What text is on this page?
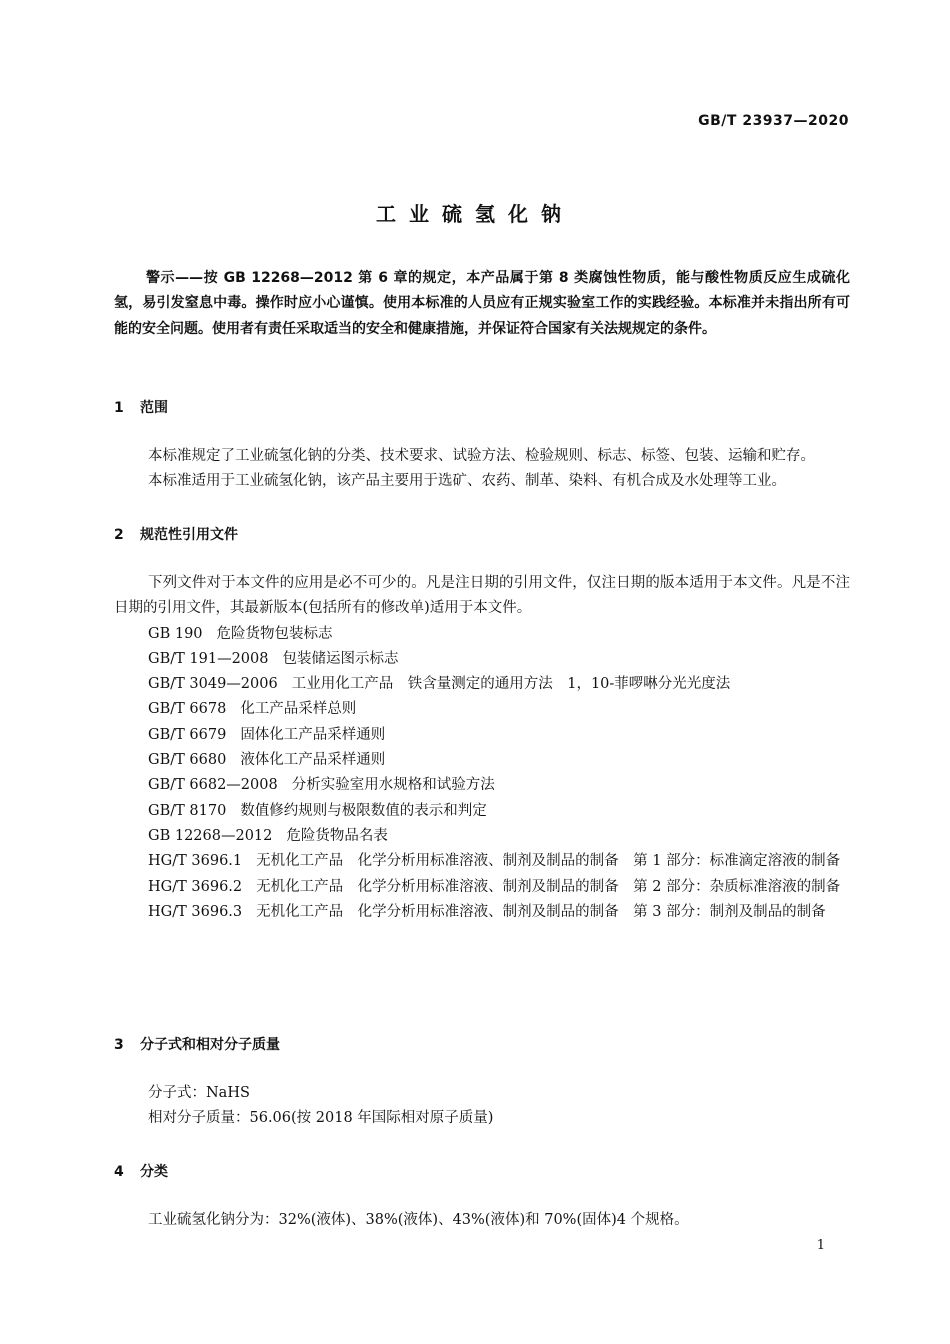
GB/T 23937—2020
工业硫氢化钠

警示——按 GB 12268—2012 第 6 章的规定，本产品属于第 8 类腐蚀性物质，能与酸性物质反应生成硫化氢，易引发窒息中毒。操作时应小心谨慎。使用本标准的人员应有正规实验室工作的实践经验。本标准并未指出所有可能的安全问题。使用者有责任采取适当的安全和健康措施，并保证符合国家有关法规规定的条件。

1 范围

本标准规定了工业硫氢化钠的分类、技术要求、试验方法、检验规则、标志、标签、包装、运输和贮存。

本标准适用于工业硫氢化钠，该产品主要用于选矿、农药、制革、染料、有机合成及水处理等工业。

2 规范性引用文件

下列文件对于本文件的应用是必不可少的。凡是注日期的引用文件，仅注日期的版本适用于本文件。凡是不注日期的引用文件，其最新版本(包括所有的修改单)适用于本文件。

GB 190 危险货物包装标志

GB/T 191—2008 包装储运图示标志

GB/T 3049—2006 工业用化工产品　铁含量测定的通用方法　1，10-菲啰啉分光光度法

GB/T 6678 化工产品采样总则

GB/T 6679 固体化工产品采样通则

GB/T 6680 液体化工产品采样通则

GB/T 6682—2008 分析实验室用水规格和试验方法

GB/T 8170 数值修约规则与极限数值的表示和判定

GB 12268—2012 危险货物品名表

HG/T 3696.1 无机化工产品　化学分析用标准溶液、制剂及制品的制备　第 1 部分：标准滴定溶液的制备

HG/T 3696.2 无机化工产品　化学分析用标准溶液、制剂及制品的制备　第 2 部分：杂质标准溶液的制备

HG/T 3696.3 无机化工产品　化学分析用标准溶液、制剂及制品的制备　第 3 部分：制剂及制品的制备

3 分子式和相对分子质量

分子式：NaHS

相对分子质量：56.06(按 2018 年国际相对原子质量)

4 分类

工业硫氢化钠分为：32%(液体)、38%(液体)、43%(液体)和 70%(固体)4 个规格。

1
